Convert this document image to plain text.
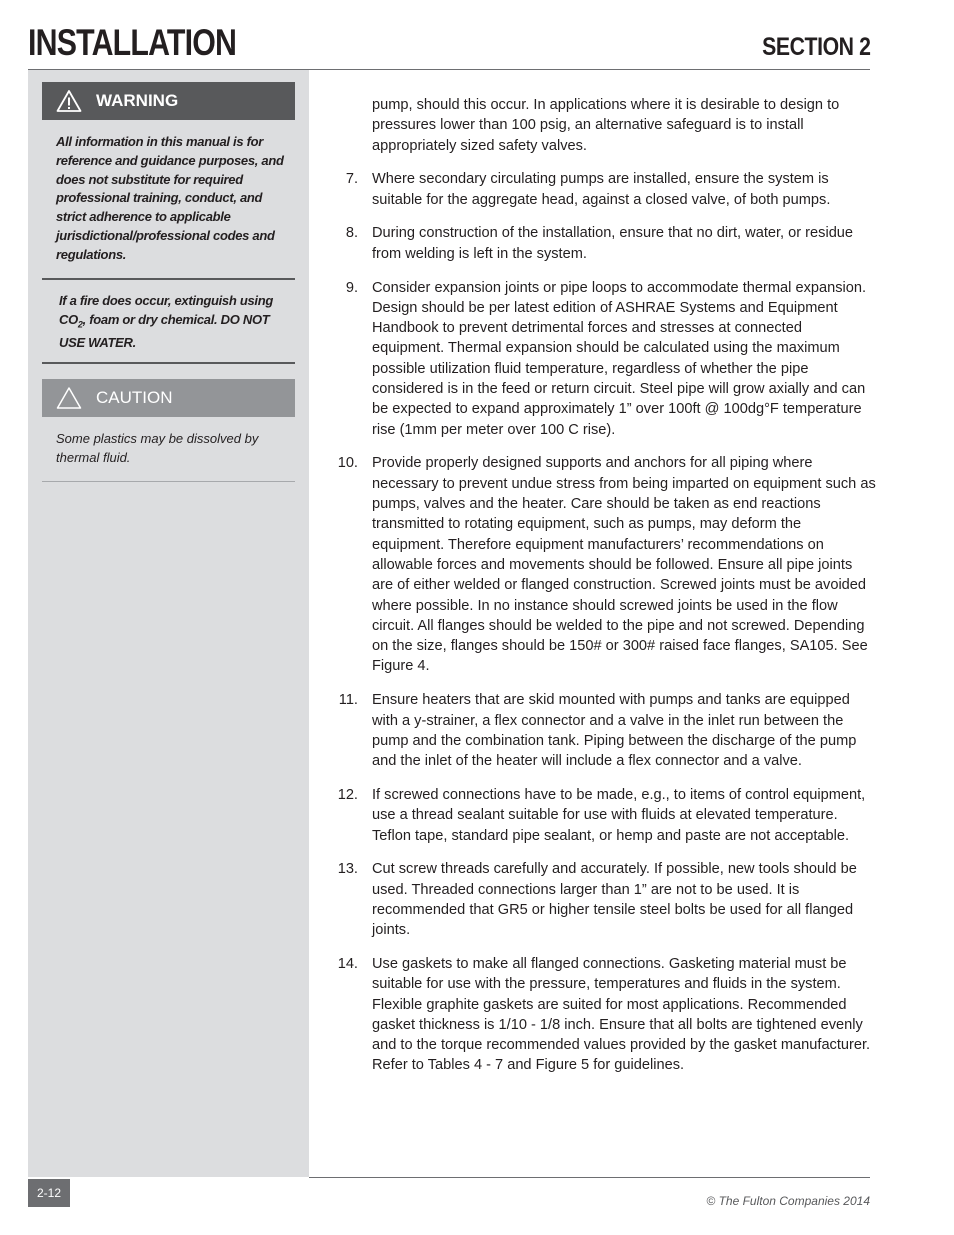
INSTALLATION	SECTION 2
WARNING
All information in this manual is for reference and guidance purposes, and does not substitute for required professional training, conduct, and strict adherence to applicable jurisdictional/professional codes and regulations.
If a fire does occur, extinguish using $CO_2$, foam or dry chemical. DO NOT USE WATER.
CAUTION
Some plastics may be dissolved by thermal fluid.
pump, should this occur. In applications where it is desirable to design to pressures lower than 100 psig, an alternative safeguard is to install appropriately sized safety valves.
7. Where secondary circulating pumps are installed, ensure the system is suitable for the aggregate head, against a closed valve, of both pumps.
8. During construction of the installation, ensure that no dirt, water, or residue from welding is left in the system.
9. Consider expansion joints or pipe loops to accommodate thermal expansion. Design should be per latest edition of ASHRAE Systems and Equipment Handbook to prevent detrimental forces and stresses at connected equipment. Thermal expansion should be calculated using the maximum possible utilization fluid temperature, regardless of whether the pipe considered is in the feed or return circuit. Steel pipe will grow axially and can be expected to expand approximately 1” over 100ft @ 100dg°F temperature rise (1mm per meter over 100 C rise).
10. Provide properly designed supports and anchors for all piping where necessary to prevent undue stress from being imparted on equipment such as pumps, valves and the heater. Care should be taken as end reactions transmitted to rotating equipment, such as pumps, may deform the equipment. Therefore equipment manufacturers’ recommendations on allowable forces and movements should be followed. Ensure all pipe joints are of either welded or flanged construction. Screwed joints must be avoided where possible. In no instance should screwed joints be used in the flow circuit. All flanges should be welded to the pipe and not screwed. Depending on the size, flanges should be 150# or 300# raised face flanges, SA105. See Figure 4.
11. Ensure heaters that are skid mounted with pumps and tanks are equipped with a y-strainer, a flex connector and a valve in the inlet run between the pump and the combination tank. Piping between the discharge of the pump and the inlet of the heater will include a flex connector and a valve.
12. If screwed connections have to be made, e.g., to items of control equipment, use a thread sealant suitable for use with fluids at elevated temperature. Teflon tape, standard pipe sealant, or hemp and paste are not acceptable.
13. Cut screw threads carefully and accurately. If possible, new tools should be used. Threaded connections larger than 1” are not to be used. It is recommended that GR5 or higher tensile steel bolts be used for all flanged joints.
14. Use gaskets to make all flanged connections. Gasketing material must be suitable for use with the pressure, temperatures and fluids in the system. Flexible graphite gaskets are suited for most applications. Recommended gasket thickness is 1/10 - 1/8 inch. Ensure that all bolts are tightened evenly and to the torque recommended values provided by the gasket manufacturer. Refer to Tables 4 - 7 and Figure 5 for guidelines.
2-12
© The Fulton Companies 2014
